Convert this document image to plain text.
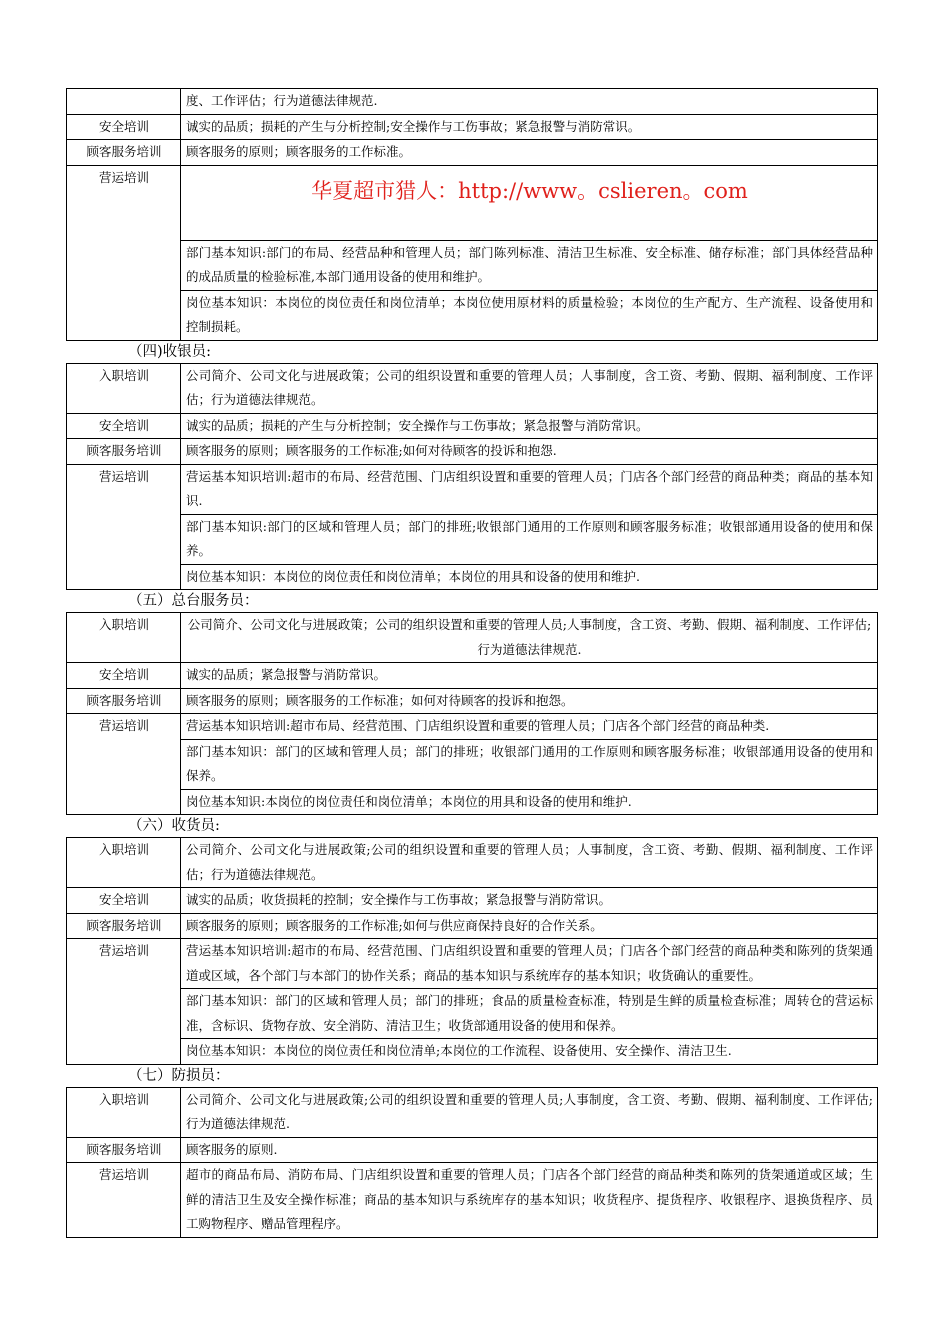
	度、工作评估；行为道德法律规范.
安全培训	诚实的品质；损耗的产生与分析控制;安全操作与工伤事故；紧急报警与消防常识。
顾客服务培训	顾客服务的原则；顾客服务的工作标准。
营运培训	华夏超市猎人：http://www。cslieren。com

	部门基本知识:部门的布局、经营品种和管理人员；部门陈列标准、清洁卫生标准、安全标准、储存标准；部门具体经营品种的成品质量的检验标准,本部门通用设备的使用和维护。
	岗位基本知识：本岗位的岗位责任和岗位清单；本岗位使用原材料的质量检验；本岗位的生产配方、生产流程、设备使用和控制损耗。
（四)收银员:
入职培训	公司简介、公司文化与进展政策；公司的组织设置和重要的管理人员；人事制度，含工资、考勤、假期、福利制度、工作评估；行为道德法律规范。
安全培训	诚实的品质；损耗的产生与分析控制；安全操作与工伤事故；紧急报警与消防常识。
顾客服务培训	顾客服务的原则；顾客服务的工作标准;如何对待顾客的投诉和抱怨.
营运培训	营运基本知识培训:超市的布局、经营范围、门店组织设置和重要的管理人员；门店各个部门经营的商品种类；商品的基本知识.
	部门基本知识:部门的区域和管理人员；部门的排班;收银部门通用的工作原则和顾客服务标准；收银部通用设备的使用和保养。
	岗位基本知识：本岗位的岗位责任和岗位清单；本岗位的用具和设备的使用和维护.
（五）总台服务员：
入职培训	公司简介、公司文化与进展政策；公司的组织设置和重要的管理人员;人事制度，含工资、考勤、假期、福利制度、工作评估;行为道德法律规范.
安全培训	诚实的品质；紧急报警与消防常识。
顾客服务培训	顾客服务的原则；顾客服务的工作标准；如何对待顾客的投诉和抱怨。
营运培训	营运基本知识培训:超市布局、经营范围、门店组织设置和重要的管理人员；门店各个部门经营的商品种类.
	部门基本知识：部门的区域和管理人员；部门的排班；收银部门通用的工作原则和顾客服务标准；收银部通用设备的使用和保养。
	岗位基本知识:本岗位的岗位责任和岗位清单；本岗位的用具和设备的使用和维护.
（六）收货员:
入职培训	公司简介、公司文化与进展政策;公司的组织设置和重要的管理人员；人事制度，含工资、考勤、假期、福利制度、工作评估；行为道德法律规范。
安全培训	诚实的品质；收货损耗的控制；安全操作与工伤事故；紧急报警与消防常识。
顾客服务培训	顾客服务的原则；顾客服务的工作标准;如何与供应商保持良好的合作关系。
营运培训	营运基本知识培训:超市的布局、经营范围、门店组织设置和重要的管理人员；门店各个部门经营的商品种类和陈列的货架通道或区域，各个部门与本部门的协作关系；商品的基本知识与系统库存的基本知识；收货确认的重要性。
	部门基本知识：部门的区域和管理人员；部门的排班；食品的质量检查标准，特别是生鲜的质量检查标准；周转仓的营运标准，含标识、货物存放、安全消防、清洁卫生；收货部通用设备的使用和保养。
	岗位基本知识：本岗位的岗位责任和岗位清单;本岗位的工作流程、设备使用、安全操作、清洁卫生.
（七）防损员：
入职培训	公司简介、公司文化与进展政策;公司的组织设置和重要的管理人员;人事制度，含工资、考勤、假期、福利制度、工作评估;行为道德法律规范.
顾客服务培训	顾客服务的原则.
营运培训	超市的商品布局、消防布局、门店组织设置和重要的管理人员；门店各个部门经营的商品种类和陈列的货架通道或区域；生鲜的清洁卫生及安全操作标准；商品的基本知识与系统库存的基本知识；收货程序、提货程序、收银程序、退换货程序、员工购物程序、赠品管理程序。
